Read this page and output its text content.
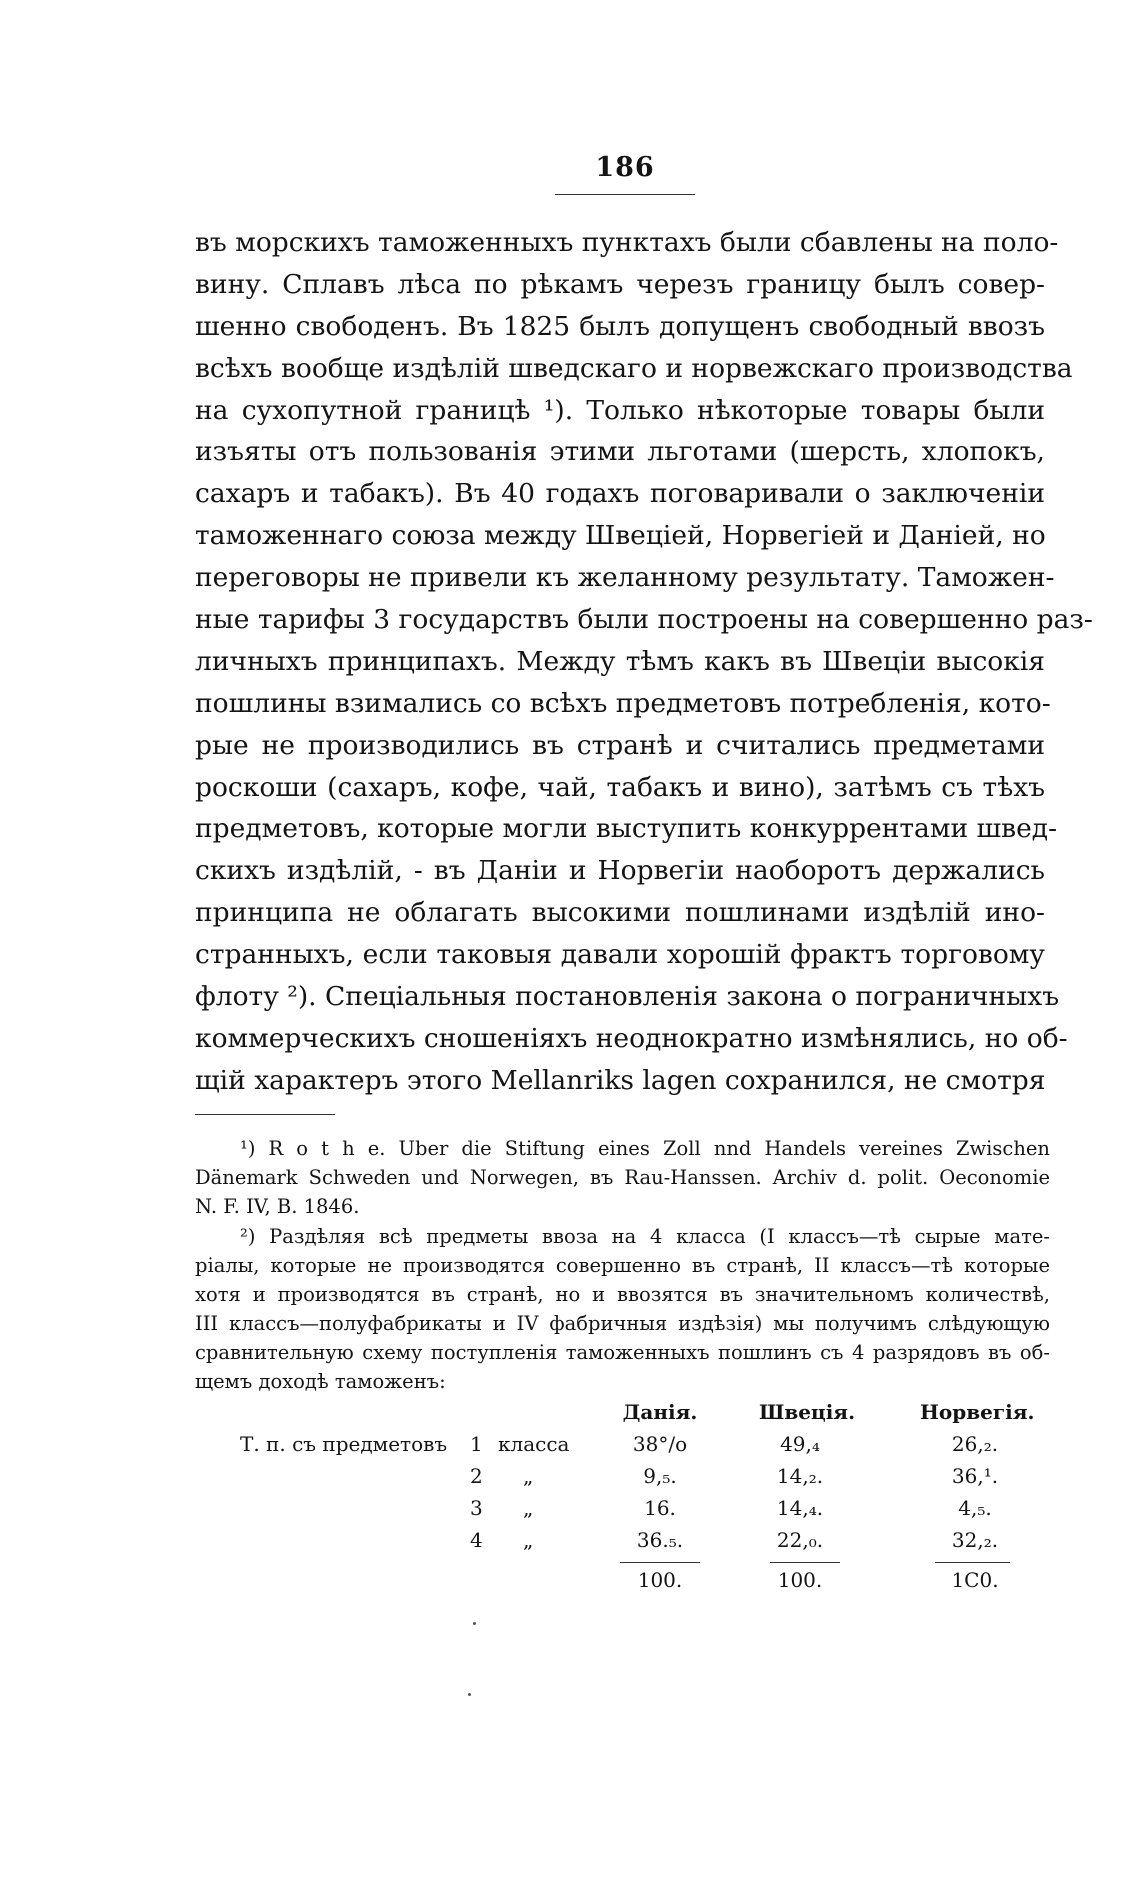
186
въ морскихъ таможенныхъ пунктахъ были сбавлены на поло-
вину. Сплавъ лѣса по рѣкамъ черезъ границу былъ совер-
шенно свободенъ. Въ 1825 былъ допущенъ свободный ввозъ
всѣхъ вообще издѣлій шведскаго и норвежскаго производства
на сухопутной границѣ ¹). Только нѣкоторые товары были
изъяты отъ пользованія этими льготами (шерсть, хлопокъ,
сахаръ и табакъ). Въ 40 годахъ поговаривали о заключеніи
таможеннаго союза между Швеціей, Норвегіей и Даніей, но
переговоры не привели къ желанному результату. Таможен-
ные тарифы 3 государствъ были построены на совершенно раз-
личныхъ принципахъ. Между тѣмъ какъ въ Швеціи высокія
пошлины взимались со всѣхъ предметовъ потребленія, кото-
рые не производились въ странѣ и считались предметами
роскоши (сахаръ, кофе, чай, табакъ и вино), затѣмъ съ тѣхъ
предметовъ, которые могли выступить конкуррентами швед-
скихъ издѣлій, - въ Даніи и Норвегіи наоборотъ держались
принципа не облагать высокими пошлинами издѣлій ино-
странныхъ, если таковыя давали хорошій фрактъ торговому
флоту ²). Спеціальныя постановленія закона о пограничныхъ
коммерческихъ сношеніяхъ неоднократно измѣнялись, но об-
щій характеръ этого Mellanriks lagen сохранился, не смотря
¹) R o t h e. Uber die Stiftung eines Zoll nnd Handels vereines Zwischen
Dänemark Schweden und Norwegen, въ Rau-Hanssen. Archiv d. polit. Oeconomie
N. F. IV, B. 1846.
²) Раздѣляя всѣ предметы ввоза на 4 класса (I классъ—тѣ сырые мате-
ріалы, которые не производятся совершенно въ странѣ, II классъ—тѣ которые
хотя и производятся въ странѣ, но и ввозятся въ значительномъ количествѣ,
III классъ—полуфабрикаты и IV фабричныя издѣзія) мы получимъ слѣдующую
сравнительную схему поступленія таможенныхъ пошлинъ съ 4 разрядовъ въ об-
щемъ доходѣ таможенъ:
Данія.	Швеція.	Норвегія.
Т. п. съ предметовъ 1 класса	38°/o	49,₄	26,₂.
2 „	9,₅.	14,₂.	36,¹.
3 „	16.	14,₄.	4,₅.
4 „	36.₅.	22,₀.	32,₂.
100.	100.	1С0.
